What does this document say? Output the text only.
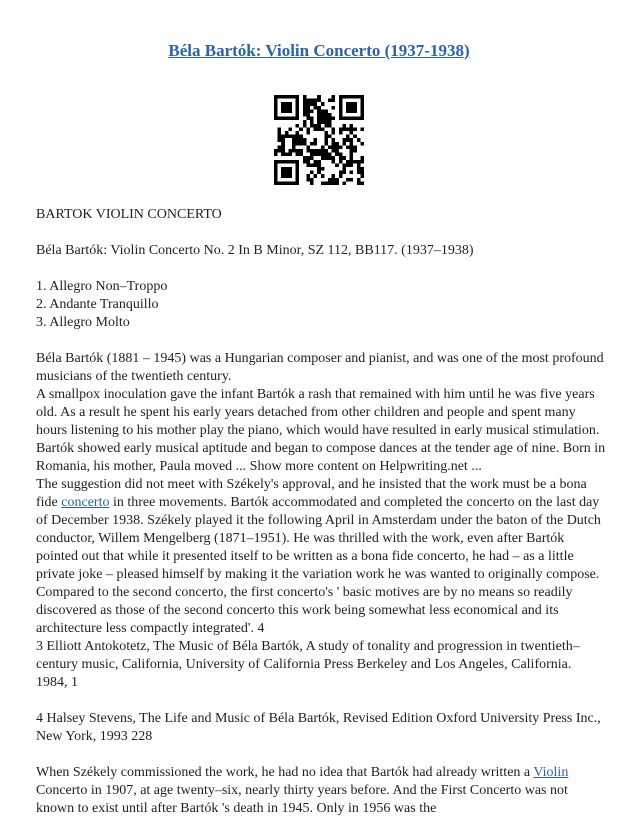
Béla Bartók: Violin Concerto (1937-1938)

BARTOK VIOLIN CONCERTO

Béla Bartók: Violin Concerto No. 2 In B Minor, SZ 112, BB117. (1937–1938)

1. Allegro Non–Troppo
2. Andante Tranquillo
3. Allegro Molto

Béla Bartók (1881 – 1945) was a Hungarian composer and pianist, and was one of the most profound musicians of the twentieth century.

A smallpox inoculation gave the infant Bartók a rash that remained with him until he was five years old. As a result he spent his early years detached from other children and people and spent many hours listening to his mother play the piano, which would have resulted in early musical stimulation. Bartók showed early musical aptitude and began to compose dances at the tender age of nine. Born in Romania, his mother, Paula moved ... Show more content on Helpwriting.net ...

The suggestion did not meet with Székely's approval, and he insisted that the work must be a bona fide concerto in three movements. Bartók accommodated and completed the concerto on the last day of December 1938. Székely played it the following April in Amsterdam under the baton of the Dutch conductor, Willem Mengelberg (1871–1951). He was thrilled with the work, even after Bartók pointed out that while it presented itself to be written as a bona fide concerto, he had – as a little private joke – pleased himself by making it the variation work he was wanted to originally compose. Compared to the second concerto, the first concerto's ' basic motives are by no means so readily discovered as those of the second concerto this work being somewhat less economical and its architecture less compactly integrated'. 4

3 Elliott Antokotetz, The Music of Béla Bartók, A study of tonality and progression in twentieth–century music, California, University of California Press Berkeley and Los Angeles, California. 1984, 1

4 Halsey Stevens, The Life and Music of Béla Bartók, Revised Edition Oxford University Press Inc., New York, 1993 228

When Székely commissioned the work, he had no idea that Bartók had already written a Violin Concerto in 1907, at age twenty–six, nearly thirty years before. And the First Concerto was not known to exist until after Bartók 's death in 1945. Only in 1956 was the
